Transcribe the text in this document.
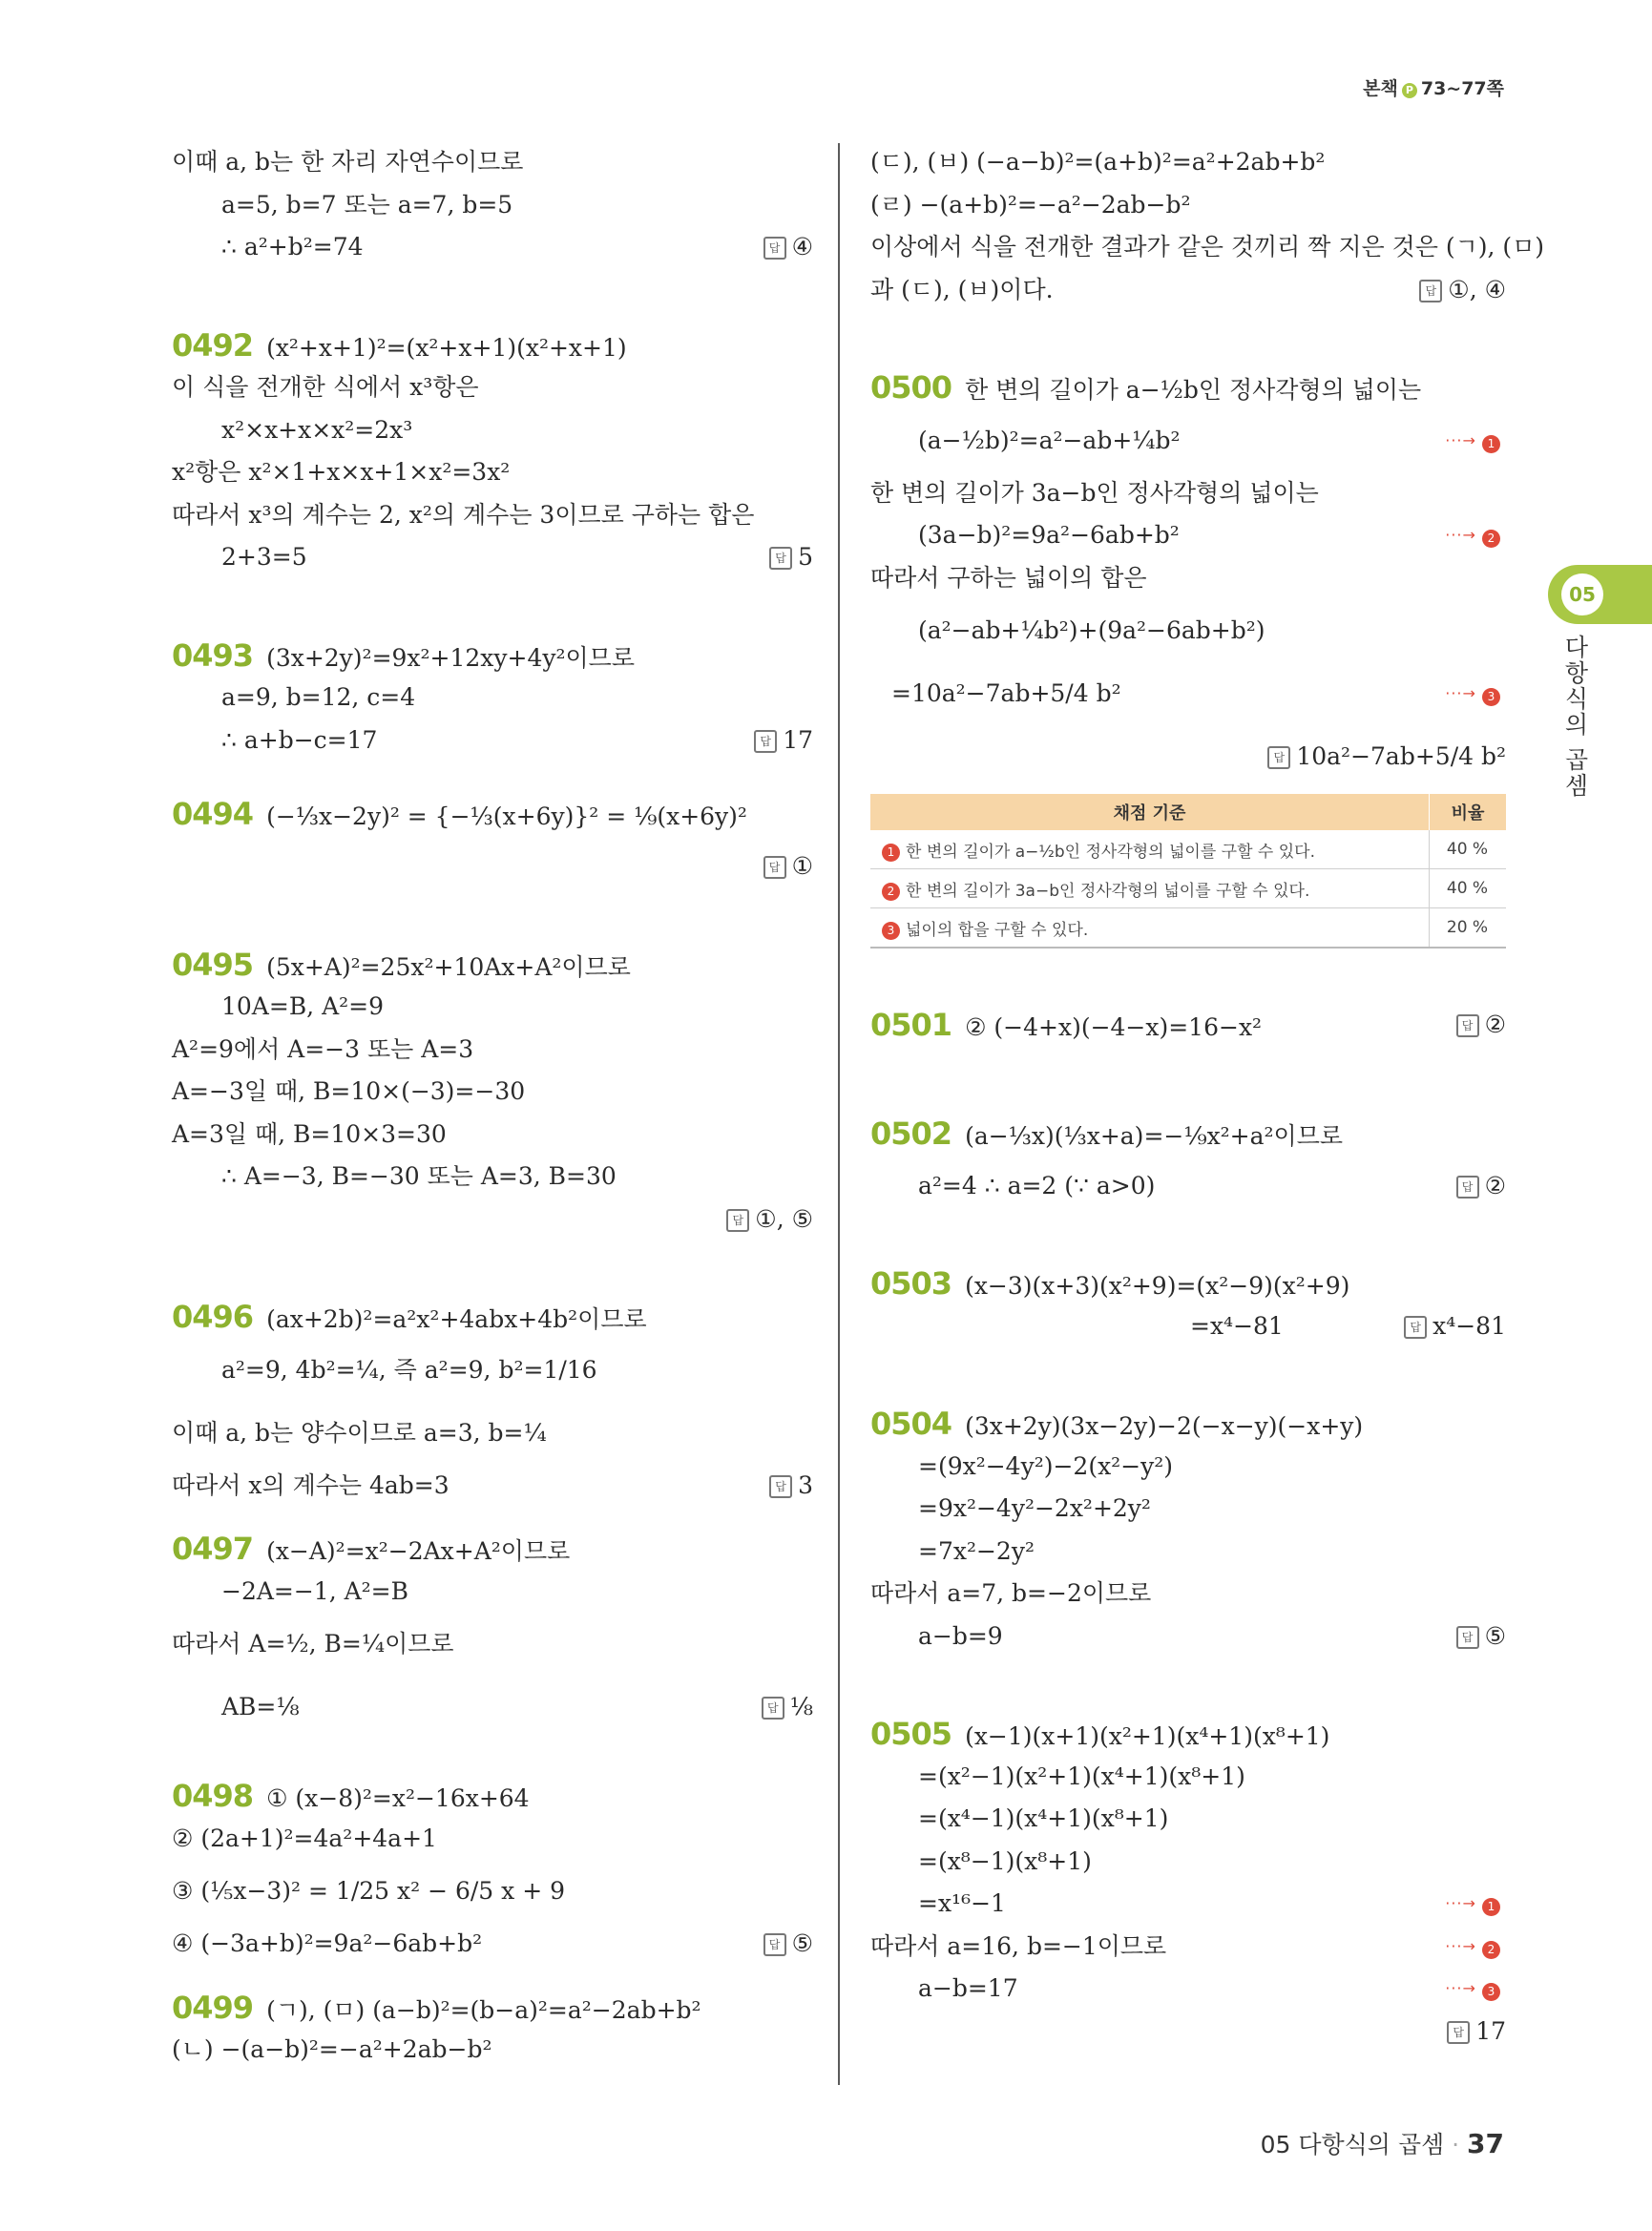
본책 P 73~77쪽
이때 a, b는 한 자리 자연수이므로
a=5, b=7 또는 a=7, b=5
∴ a²+b²=74	답 ④
0492 (x²+x+1)²=(x²+x+1)(x²+x+1)
이 식을 전개한 식에서 x³항은
x²×x+x×x²=2x³
x²항은 x²×1+x×x+1×x²=3x²
따라서 x³의 계수는 2, x²의 계수는 3이므로 구하는 합은
2+3=5	답 5
0493 (3x+2y)²=9x²+12xy+4y²이므로
a=9, b=12, c=4
∴ a+b−c=17	답 17
0494 (−⅓x−2y)² = {−⅓(x+6y)}² = ⅑(x+6y)²
답 ①
0495 (5x+A)²=25x²+10Ax+A²이므로
10A=B, A²=9
A²=9에서 A=−3 또는 A=3
A=−3일 때, B=10×(−3)=−30
A=3일 때, B=10×3=30
∴ A=−3, B=−30 또는 A=3, B=30
답 ①, ⑤
0496 (ax+2b)²=a²x²+4abx+4b²이므로
a²=9, 4b²=¼, 즉 a²=9, b²=1/16
이때 a, b는 양수이므로 a=3, b=¼
따라서 x의 계수는 4ab=3	답 3
0497 (x−A)²=x²−2Ax+A²이므로
−2A=−1, A²=B
따라서 A=½, B=¼이므로
AB=⅛	답 ⅛
0498 ① (x−8)²=x²−16x+64
② (2a+1)²=4a²+4a+1
③ (⅕x−3)² = 1/25 x² − 6/5 x + 9
④ (−3a+b)²=9a²−6ab+b²	답 ⑤
0499 (ㄱ), (ㅁ) (a−b)²=(b−a)²=a²−2ab+b²
(ㄴ) −(a−b)²=−a²+2ab−b²
(ㄷ), (ㅂ) (−a−b)²=(a+b)²=a²+2ab+b²
(ㄹ) −(a+b)²=−a²−2ab−b²
이상에서 식을 전개한 결과가 같은 것끼리 짝 지은 것은 (ㄱ), (ㅁ)
과 (ㄷ), (ㅂ)이다.	답 ①, ④
0500 한 변의 길이가 a−½b인 정사각형의 넓이는
(a−½b)²=a²−ab+¼b²	···→ 1
한 변의 길이가 3a−b인 정사각형의 넓이는
(3a−b)²=9a²−6ab+b²	···→ 2
따라서 구하는 넓이의 합은
(a²−ab+¼b²)+(9a²−6ab+b²)
=10a²−7ab+5/4 b²	···→ 3
답 10a²−7ab+5/4 b²
채점 기준	비율
1 한 변의 길이가 a−½b인 정사각형의 넓이를 구할 수 있다.	40 %
2 한 변의 길이가 3a−b인 정사각형의 넓이를 구할 수 있다.	40 %
3 넓이의 합을 구할 수 있다.	20 %
0501 ② (−4+x)(−4−x)=16−x²	답 ②
0502 (a−⅓x)(⅓x+a)=−⅑x²+a²이므로
a²=4 ∴ a=2 (∵ a>0)	답 ②
0503 (x−3)(x+3)(x²+9)=(x²−9)(x²+9)
=x⁴−81	답 x⁴−81
0504 (3x+2y)(3x−2y)−2(−x−y)(−x+y)
=(9x²−4y²)−2(x²−y²)
=9x²−4y²−2x²+2y²
=7x²−2y²
따라서 a=7, b=−2이므로
a−b=9	답 ⑤
0505 (x−1)(x+1)(x²+1)(x⁴+1)(x⁸+1)
=(x²−1)(x²+1)(x⁴+1)(x⁸+1)
=(x⁴−1)(x⁴+1)(x⁸+1)
=(x⁸−1)(x⁸+1)
=x¹⁶−1	···→ 1
따라서 a=16, b=−1이므로	···→ 2
a−b=17	···→ 3
답 17
05
다항식의 곱셈
05 다항식의 곱셈 · 37
